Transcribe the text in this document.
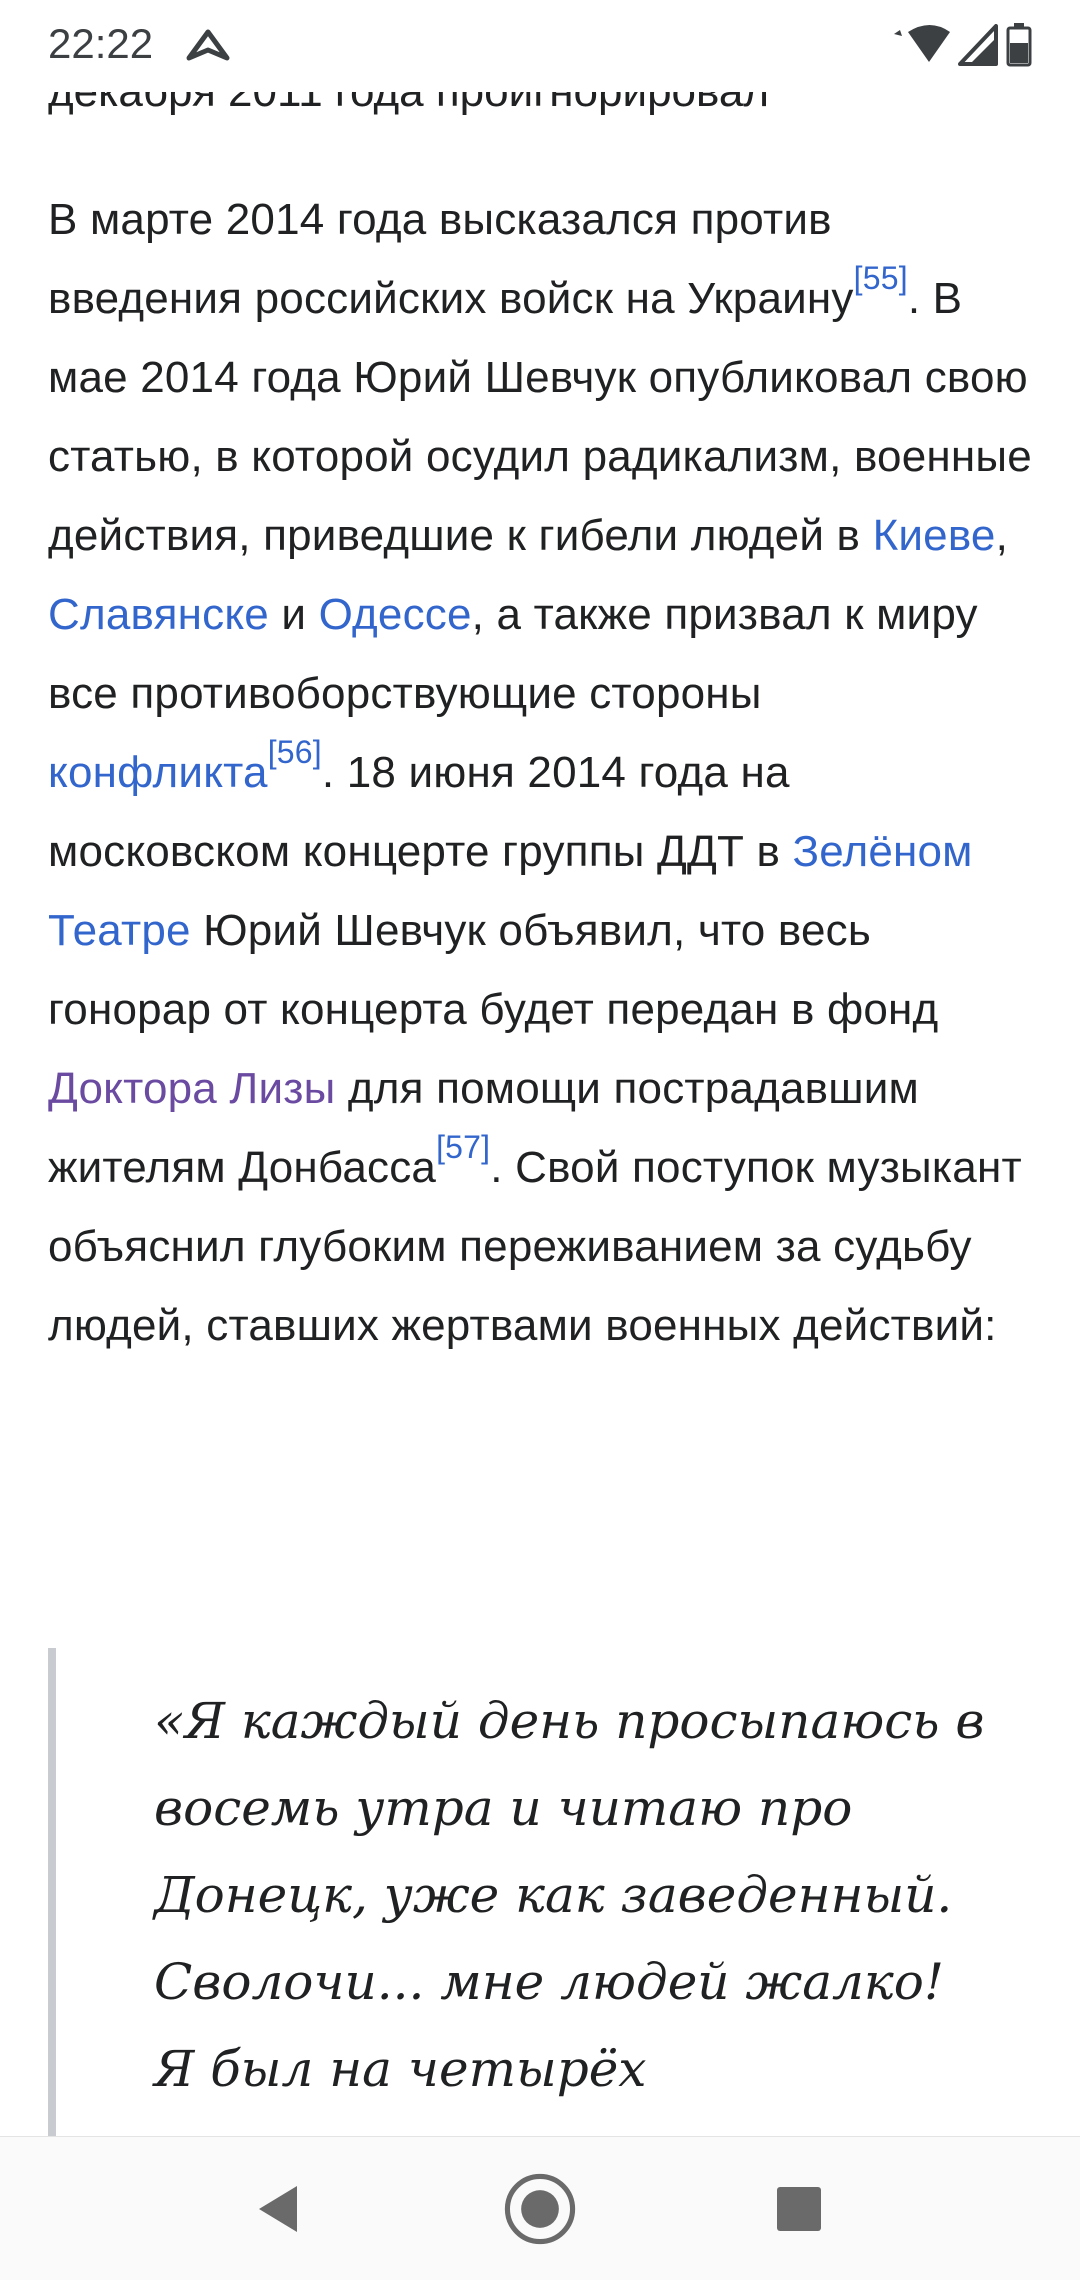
22:22

В марте 2014 года высказался против введения российских войск на Украину[55]. В мае 2014 года Юрий Шевчук опубликовал свою статью, в которой осудил радикализм, военные действия, приведшие к гибели людей в Киеве, Славянске и Одессе, а также призвал к миру все противоборствующие стороны конфликта[56]. 18 июня 2014 года на московском концерте группы ДДТ в Зелёном Театре Юрий Шевчук объявил, что весь гонорар от концерта будет передан в фонд Доктора Лизы для помощи пострадавшим жителям Донбасса[57]. Свой поступок музыкант объяснил глубоким переживанием за судьбу людей, ставших жертвами военных действий:

«Я каждый день просыпаюсь в
восемь утра и читаю про
Донецк, уже как заведенный.
Сволочи... мне людей жалко!
Я был на четырёх
